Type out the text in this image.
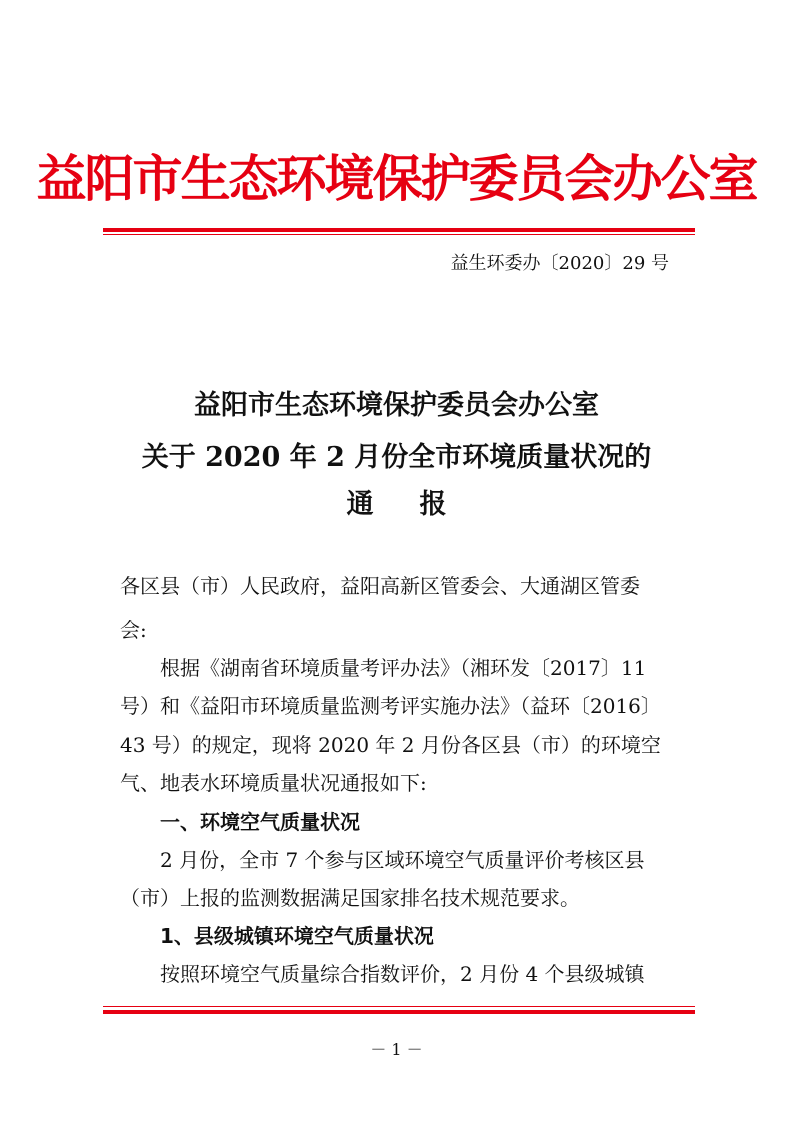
益阳市生态环境保护委员会办公室
益生环委办〔2020〕29 号
益阳市生态环境保护委员会办公室
关于 2020 年 2 月份全市环境质量状况的
通报
各区县（市）人民政府，益阳高新区管委会、大通湖区管委
会:
根据《湖南省环境质量考评办法》（湘环发〔2017〕11
号）和《益阳市环境质量监测考评实施办法》（益环〔2016〕
43 号）的规定，现将 2020 年 2 月份各区县（市）的环境空
气、地表水环境质量状况通报如下:
一、环境空气质量状况
2 月份，全市 7 个参与区域环境空气质量评价考核区县
（市）上报的监测数据满足国家排名技术规范要求。
1、县级城镇环境空气质量状况
按照环境空气质量综合指数评价，2 月份 4 个县级城镇
－ 1 －
